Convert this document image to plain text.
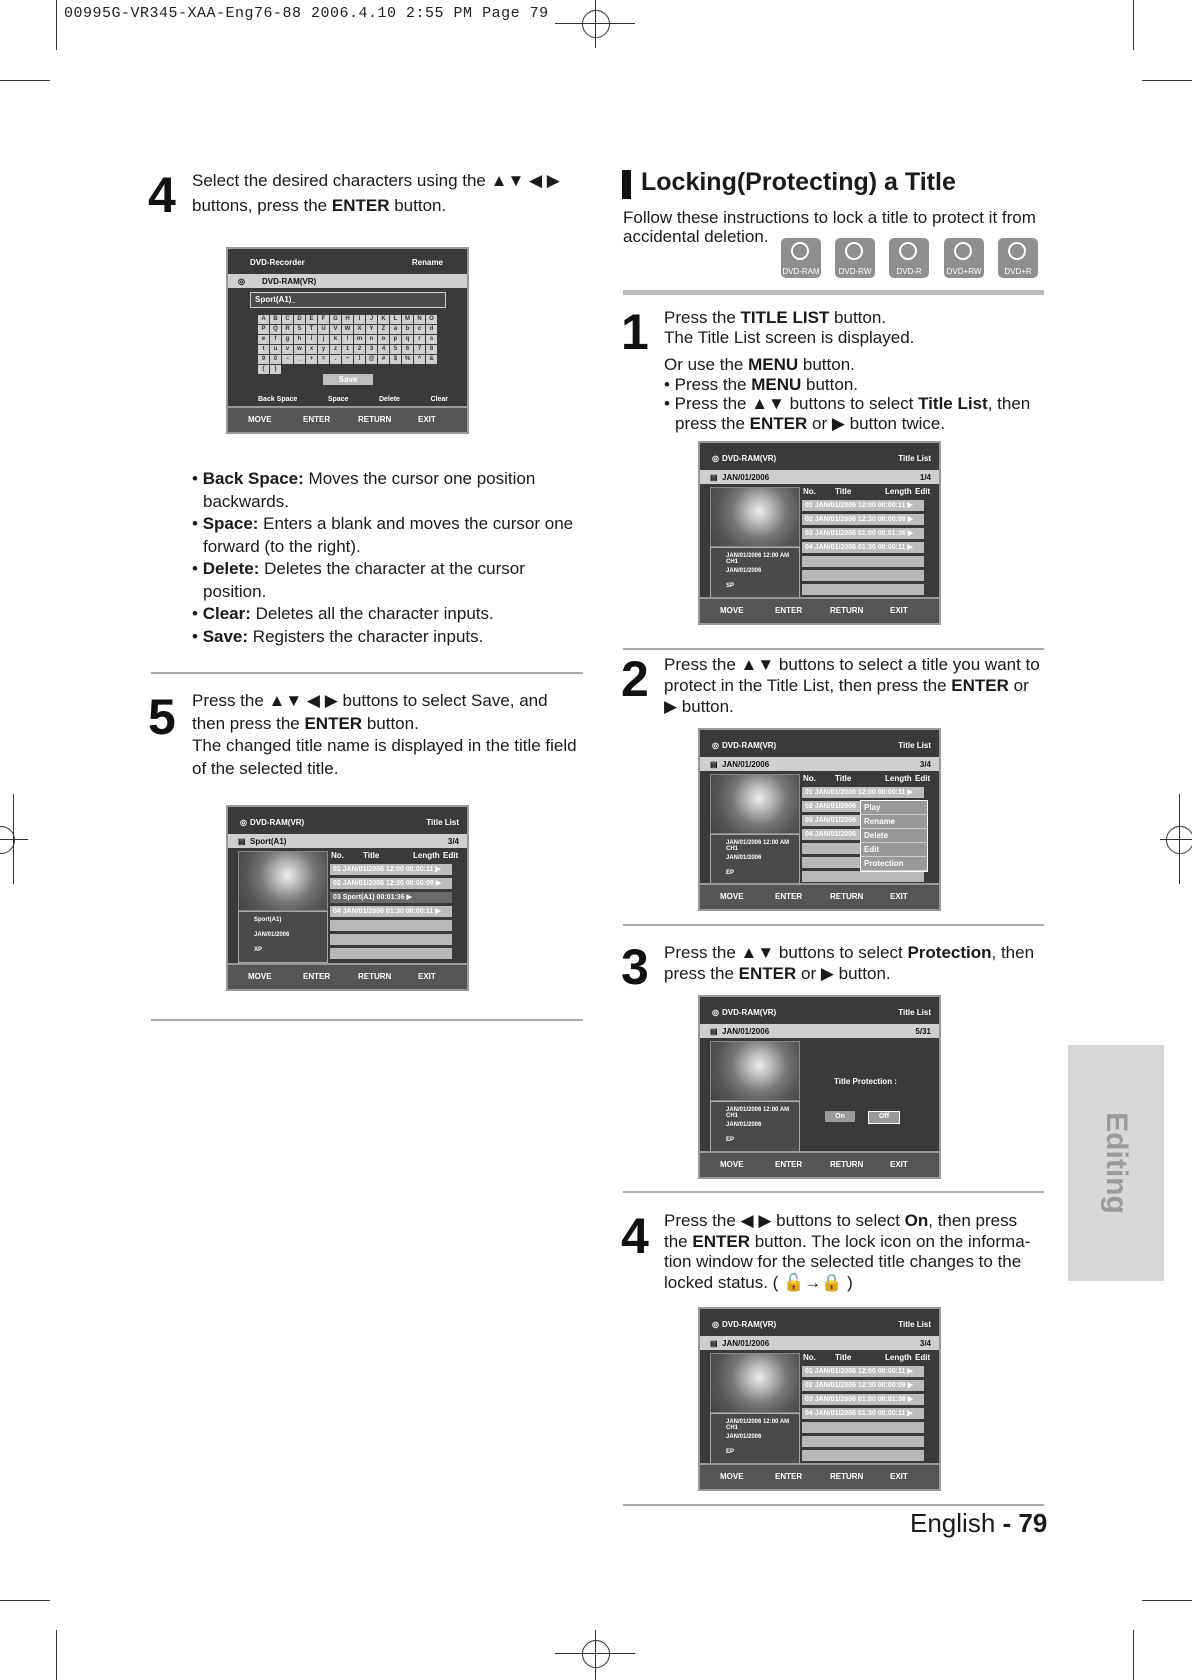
00995G-VR345-XAA-Eng76-88 2006.4.10 2:55 PM Page 79
4 Select the desired characters using the ▲▼ ◀ ▶
buttons, press the ENTER button.
DVD-Recorder	Rename
◎ DVD-RAM(VR)
Sport(A1)_
A	B	C	D	E	F	G	H	I	J	K	L	M	N	O
P	Q	R	S	T	U	V	W	X	Y	Z	a	b	c	d
e	f	g	h	i	j	k	l	m	n	o	p	q	r	s
t	u	v	w	x	y	z	1	2	3	4	5	6	7	8
9	0	-	_	+	=	.	~	!	@	#	$	%	^	&
(	)
Save
Back Space	Space	Delete	Clear
MOVE	ENTER	RETURN	EXIT
• Back Space: Moves the cursor one position
backwards.
• Space: Enters a blank and moves the cursor one
forward (to the right).
• Delete: Deletes the character at the cursor
position.
• Clear: Deletes all the character inputs.
• Save: Registers the character inputs.
5 Press the ▲▼ ◀ ▶ buttons to select Save, and
then press the ENTER button.
The changed title name is displayed in the title field
of the selected title.
◎ DVD-RAM(VR)	Title List
▤ Sport(A1)	3/4
Sport(A1)
JAN/01/2006
XP
No. Title	Length Edit
01 JAN/01/2006 12:00 00:00:11 ▶
02 JAN/01/2006 12:30 00:00:09 ▶
03 Sport(A1) 00:01:36 ▶
04 JAN/01/2006 01:30 00:00:11 ▶
MOVE	ENTER	RETURN	EXIT
Locking(Protecting) a Title
Follow these instructions to lock a title to protect it from
accidental deletion.
DVD-RAM	DVD-RW	DVD-R	DVD+RW	DVD+R
1 Press the TITLE LIST button.
The Title List screen is displayed.
Or use the MENU button.
• Press the MENU button.
• Press the ▲▼ buttons to select Title List, then
press the ENTER or ▶ button twice.
◎ DVD-RAM(VR)	Title List
▤ JAN/01/2006	1/4
JAN/01/2006 12:00 AM CH1
JAN/01/2006
SP
No. Title	Length Edit
01 JAN/01/2006 12:00 00:00:11 ▶
02 JAN/01/2006 12:30 00:00:09 ▶
03 JAN/01/2006 01:00 00:01:36 ▶
04 JAN/01/2006 01:30 00:00:11 ▶
MOVE	ENTER	RETURN	EXIT
2 Press the ▲▼ buttons to select a title you want to
protect in the Title List, then press the ENTER or
▶ button.
◎ DVD-RAM(VR)	Title List
▤ JAN/01/2006	3/4
JAN/01/2006 12:00 AM CH1
JAN/01/2006
EP
No. Title	Length Edit
01 JAN/01/2006 12:00 00:00:11 ▶
02 JAN/01/2006
03 JAN/01/2006
04 JAN/01/2006
Play
Rename
Delete
Edit
Protection
MOVE	ENTER	RETURN	EXIT
3 Press the ▲▼ buttons to select Protection, then
press the ENTER or ▶ button.
◎ DVD-RAM(VR)	Title List
▤ JAN/01/2006	5/31
JAN/01/2006 12:00 AM CH1
JAN/01/2006
EP
Title Protection :
On	Off
MOVE	ENTER	RETURN	EXIT
4 Press the ◀ ▶ buttons to select On, then press
the ENTER button. The lock icon on the informa-
tion window for the selected title changes to the
locked status. ( 🔓→🔒 )
◎ DVD-RAM(VR)	Title List
▤ JAN/01/2006	3/4
JAN/01/2006 12:00 AM CH1
JAN/01/2006
EP
No. Title	Length Edit
01 JAN/01/2006 12:00 00:00:11 ▶
02 JAN/01/2006 12:30 00:00:09 ▶
03 JAN/01/2006 01:00 00:01:36 ▶
04 JAN/01/2006 01:30 00:00:11 ▶
MOVE	ENTER	RETURN	EXIT
English - 79
Editing
